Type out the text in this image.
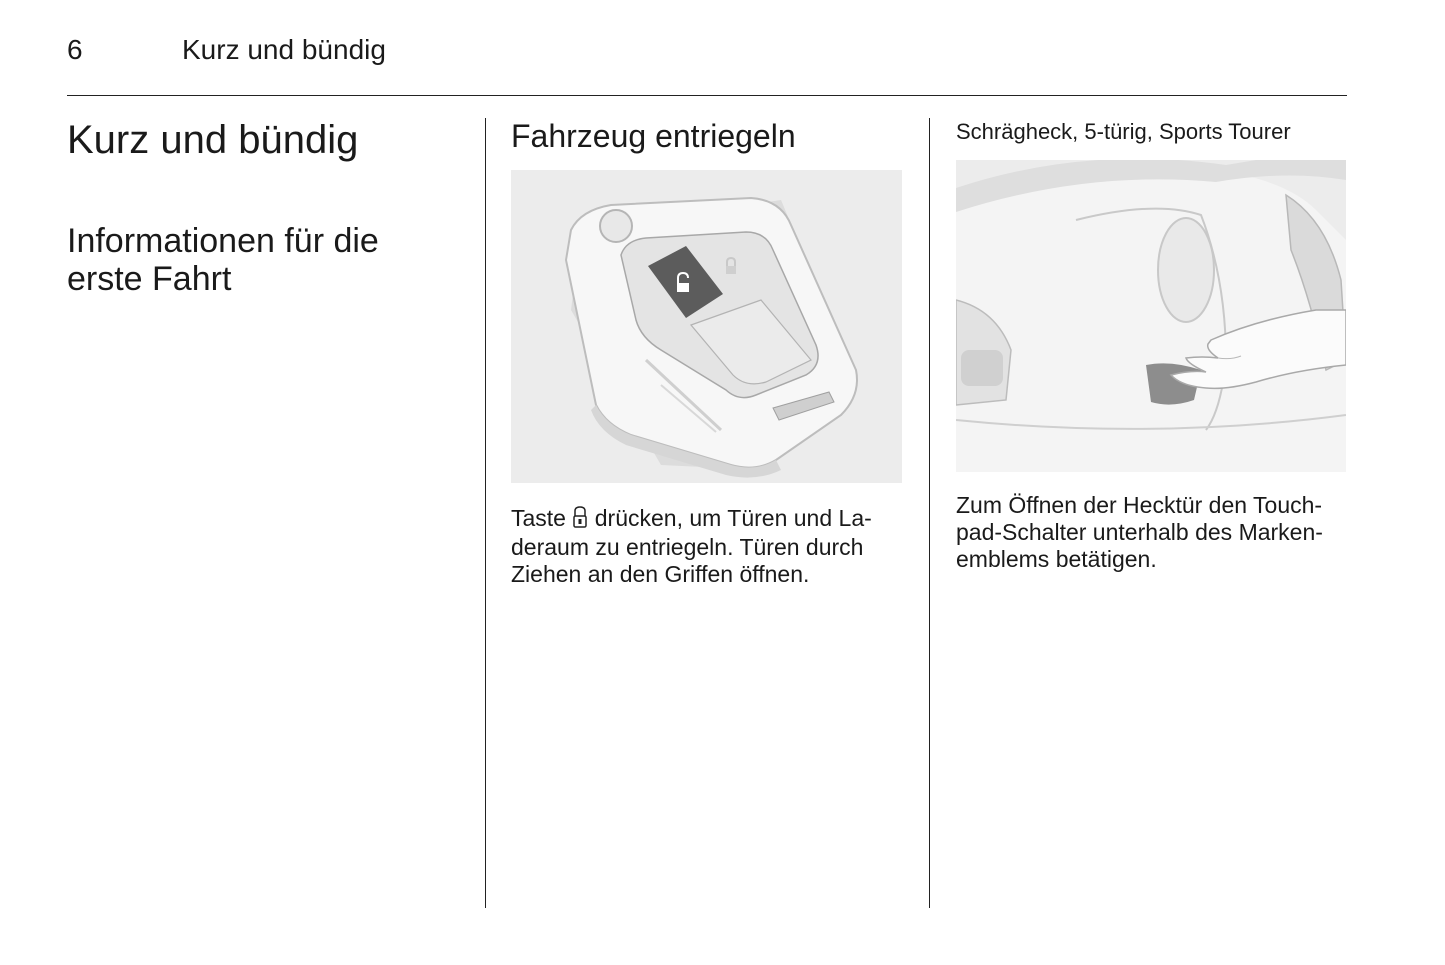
6	Kurz und bündig
Kurz und bündig
Informationen für die
erste Fahrt
Fahrzeug entriegeln
Taste drücken, um Türen und La-
deraum zu entriegeln. Türen durch
Ziehen an den Griffen öffnen.
Schrägheck, 5-türig, Sports Tourer
Zum Öffnen der Hecktür den Touch-
pad-Schalter unterhalb des Marken-
emblems betätigen.
